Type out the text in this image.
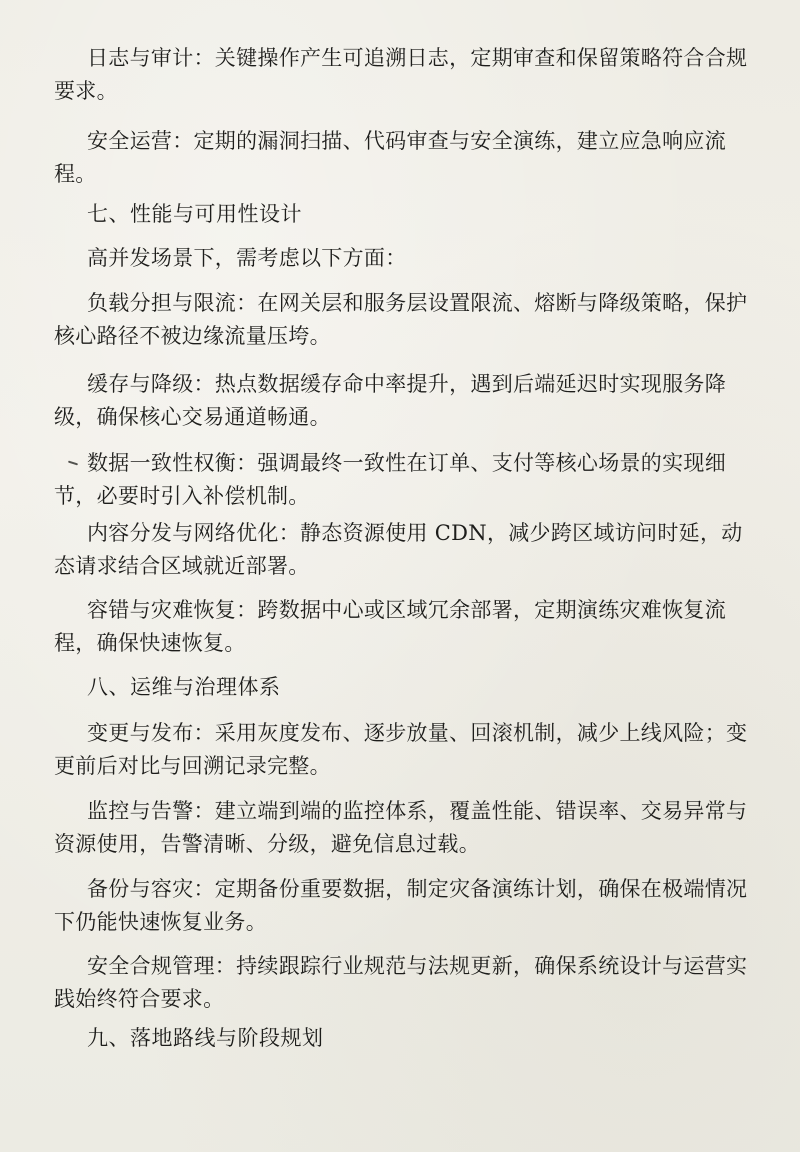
日志与审计：关键操作产生可追溯日志，定期审查和保留策略符合合规要求。

安全运营：定期的漏洞扫描、代码审查与安全演练，建立应急响应流程。

七、性能与可用性设计

高并发场景下，需考虑以下方面：

负载分担与限流：在网关层和服务层设置限流、熔断与降级策略，保护核心路径不被边缘流量压垮。

缓存与降级：热点数据缓存命中率提升，遇到后端延迟时实现服务降级，确保核心交易通道畅通。

数据一致性权衡：强调最终一致性在订单、支付等核心场景的实现细节，必要时引入补偿机制。

内容分发与网络优化：静态资源使用 CDN，减少跨区域访问时延，动态请求结合区域就近部署。

容错与灾难恢复：跨数据中心或区域冗余部署，定期演练灾难恢复流程，确保快速恢复。

八、运维与治理体系

变更与发布：采用灰度发布、逐步放量、回滚机制，减少上线风险；变更前后对比与回溯记录完整。

监控与告警：建立端到端的监控体系，覆盖性能、错误率、交易异常与资源使用，告警清晰、分级，避免信息过载。

备份与容灾：定期备份重要数据，制定灾备演练计划，确保在极端情况下仍能快速恢复业务。

安全合规管理：持续跟踪行业规范与法规更新，确保系统设计与运营实践始终符合要求。

九、落地路线与阶段规划
